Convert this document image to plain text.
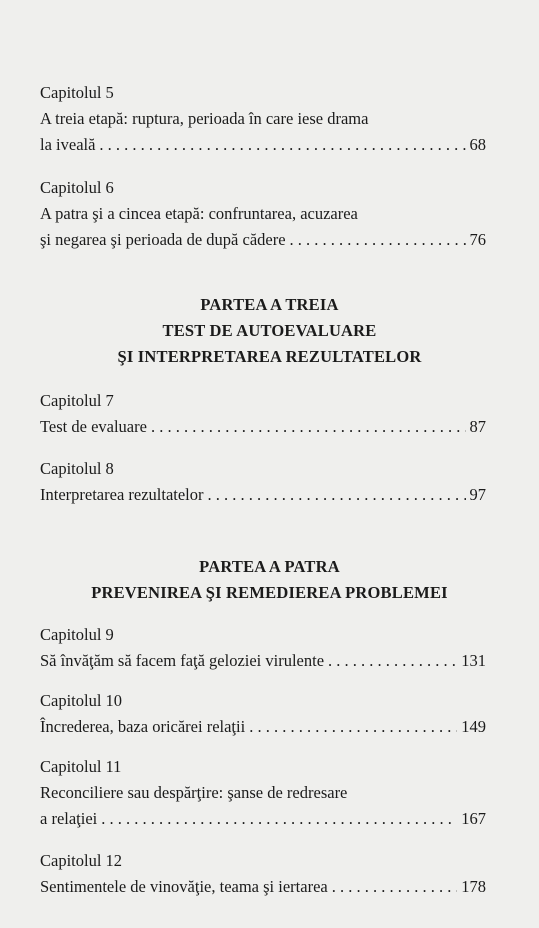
Capitolul 5
A treia etapă: ruptura, perioada în care iese drama
la iveală . . .	68
Capitolul 6
A patra şi a cincea etapă: confruntarea, acuzarea
şi negarea şi perioada de după cădere . . .	76
PARTEA A TREIA
TEST DE AUTOEVALUARE
ŞI INTERPRETAREA REZULTATELOR
Capitolul 7
Test de evaluare . . .	87
Capitolul 8
Interpretarea rezultatelor . . .	97
PARTEA A PATRA
PREVENIREA ŞI REMEDIEREA PROBLEMEI
Capitolul 9
Să învăţăm să facem faţă geloziei virulente . . .	131
Capitolul 10
Încrederea, baza oricărei relaţii . . .	149
Capitolul 11
Reconciliere sau despărţire: şanse de redresare
a relaţiei . . .	167
Capitolul 12
Sentimentele de vinovăţie, teama şi iertarea . . .	178
